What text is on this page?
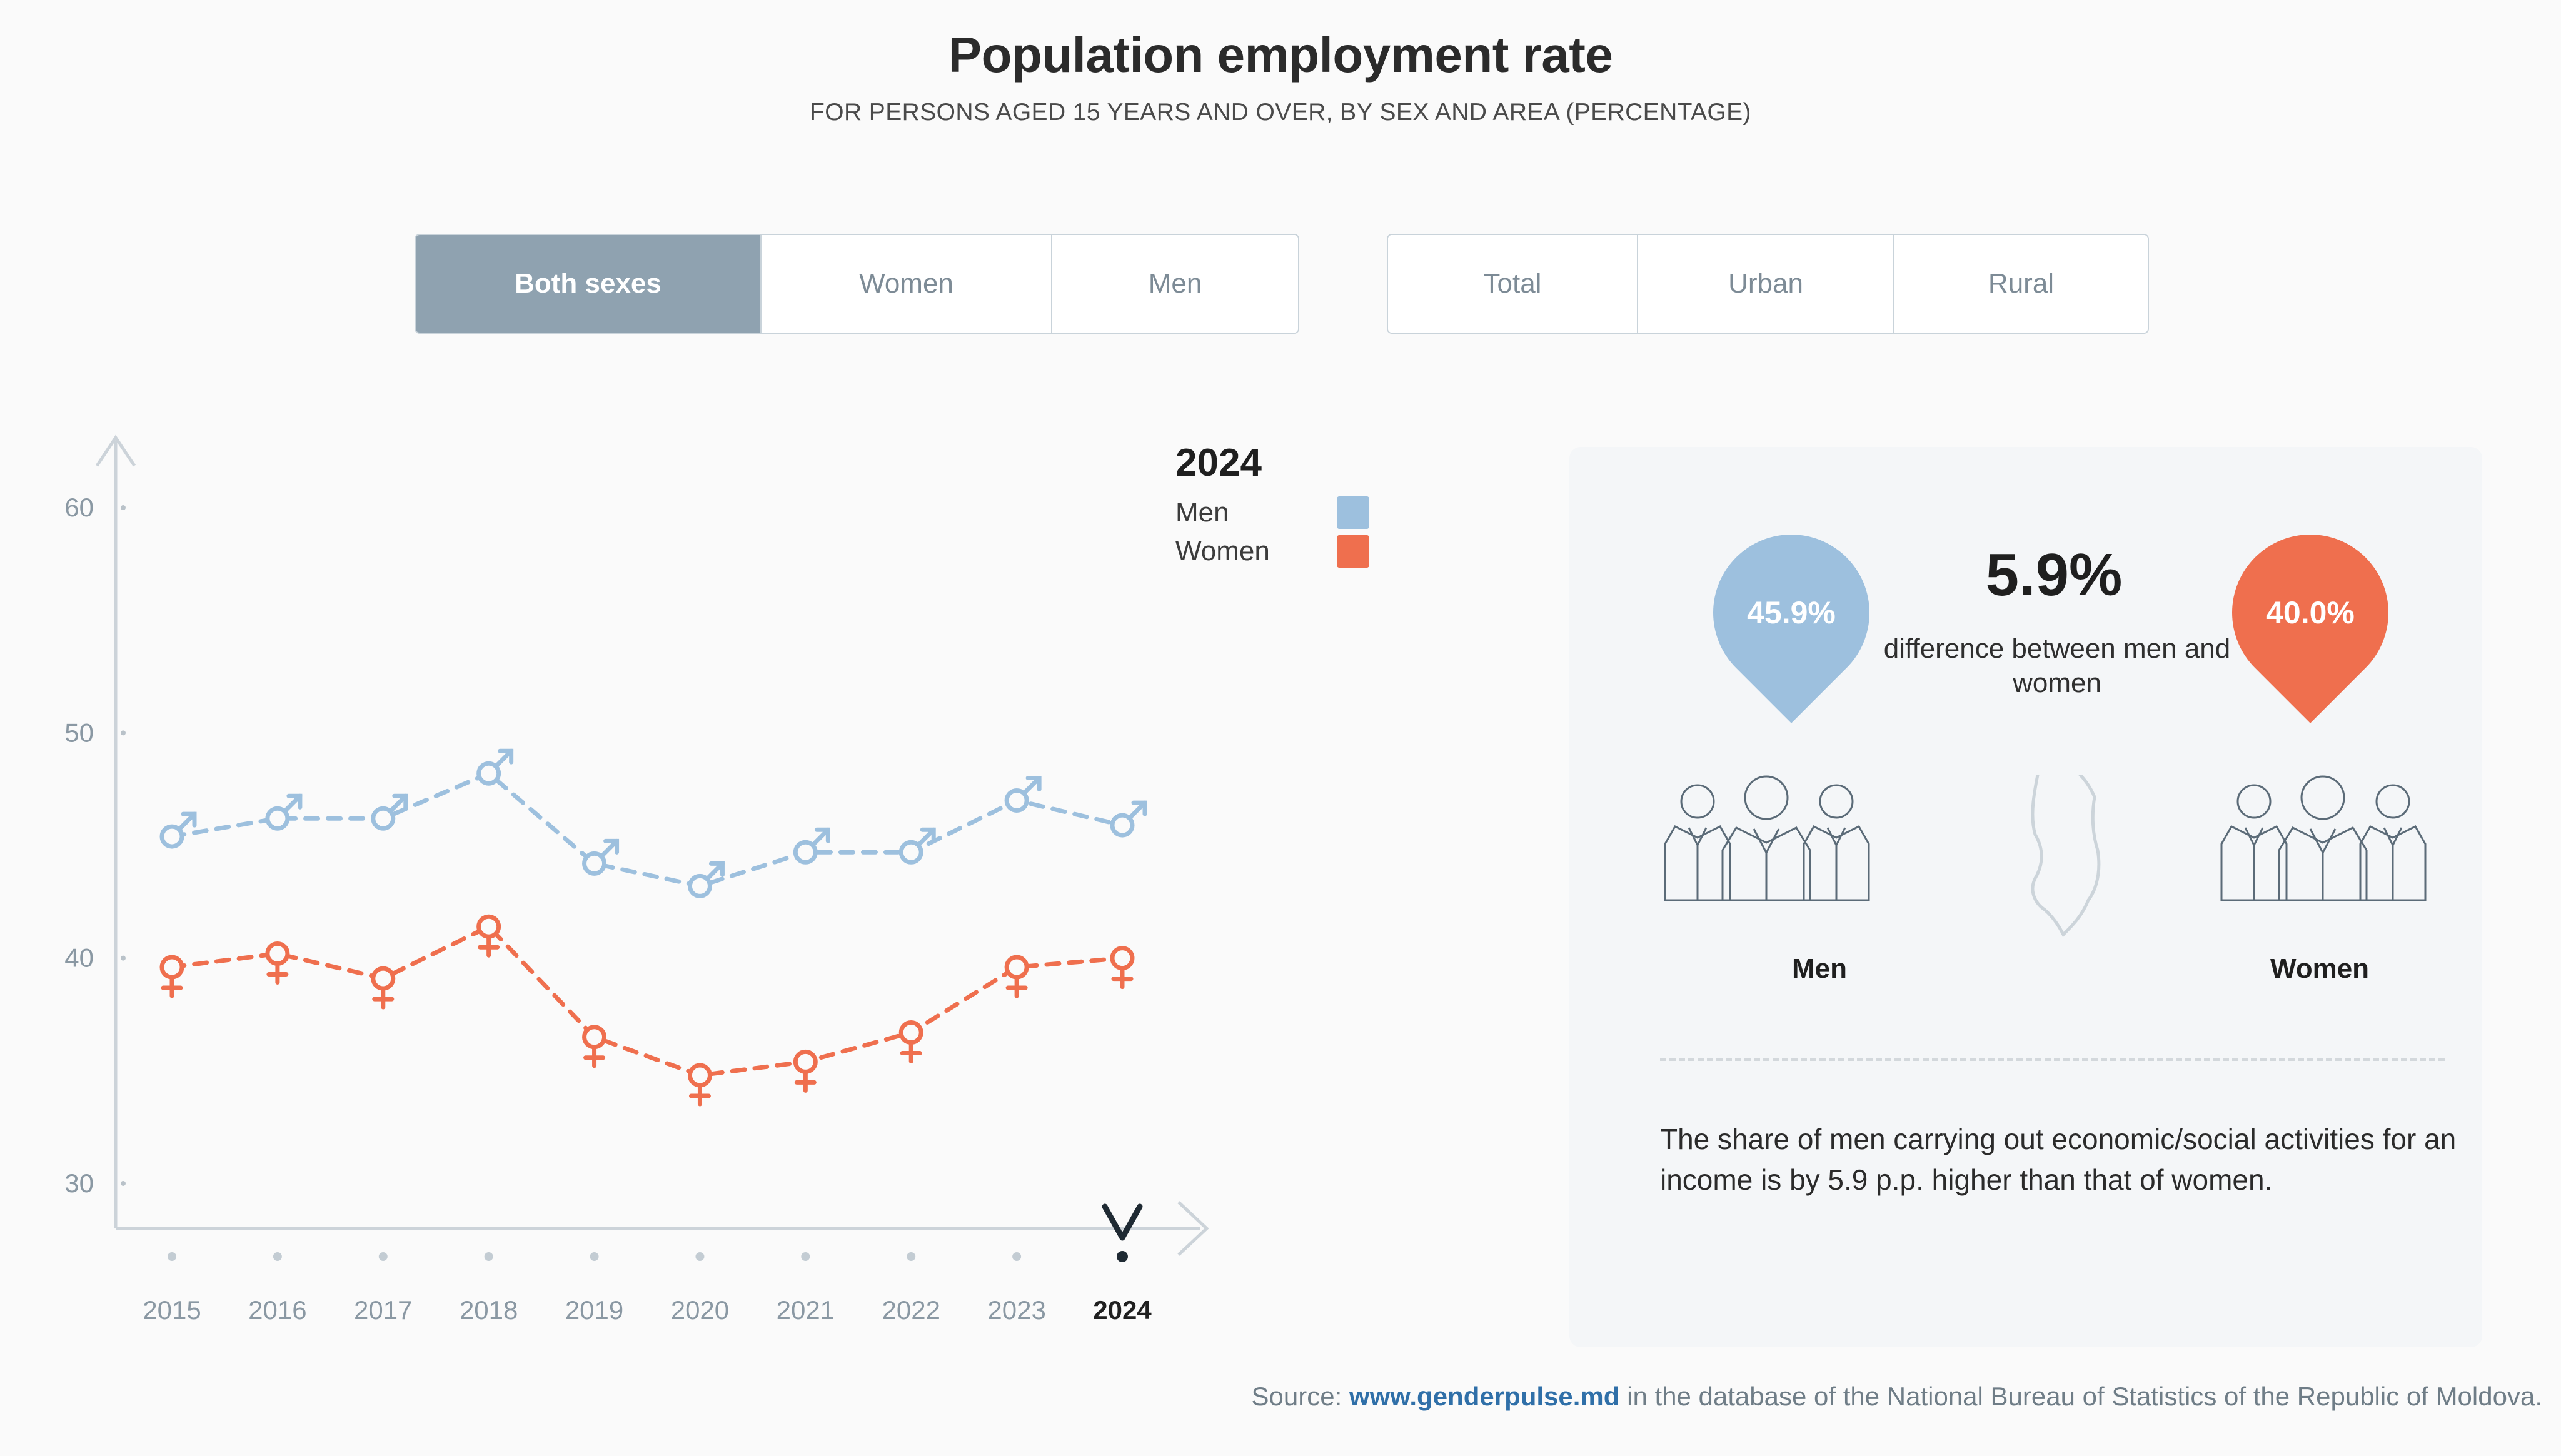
Population employment rate
FOR PERSONS AGED 15 YEARS AND OVER, BY SEX AND AREA (PERCENTAGE)
Both sexes	Women	Men	Total	Urban	Rural
30
40
50
60
2015 2016 2017 2018 2019 2020 2021 2022 2023 2024
2024
Men
Women
45.9%	40.0%
5.9%
difference between men and women
Men	Women
The share of men carrying out economic/social activities for an income is by 5.9 p.p. higher than that of women.
Source: www.genderpulse.md in the database of the National Bureau of Statistics of the Republic of Moldova.
